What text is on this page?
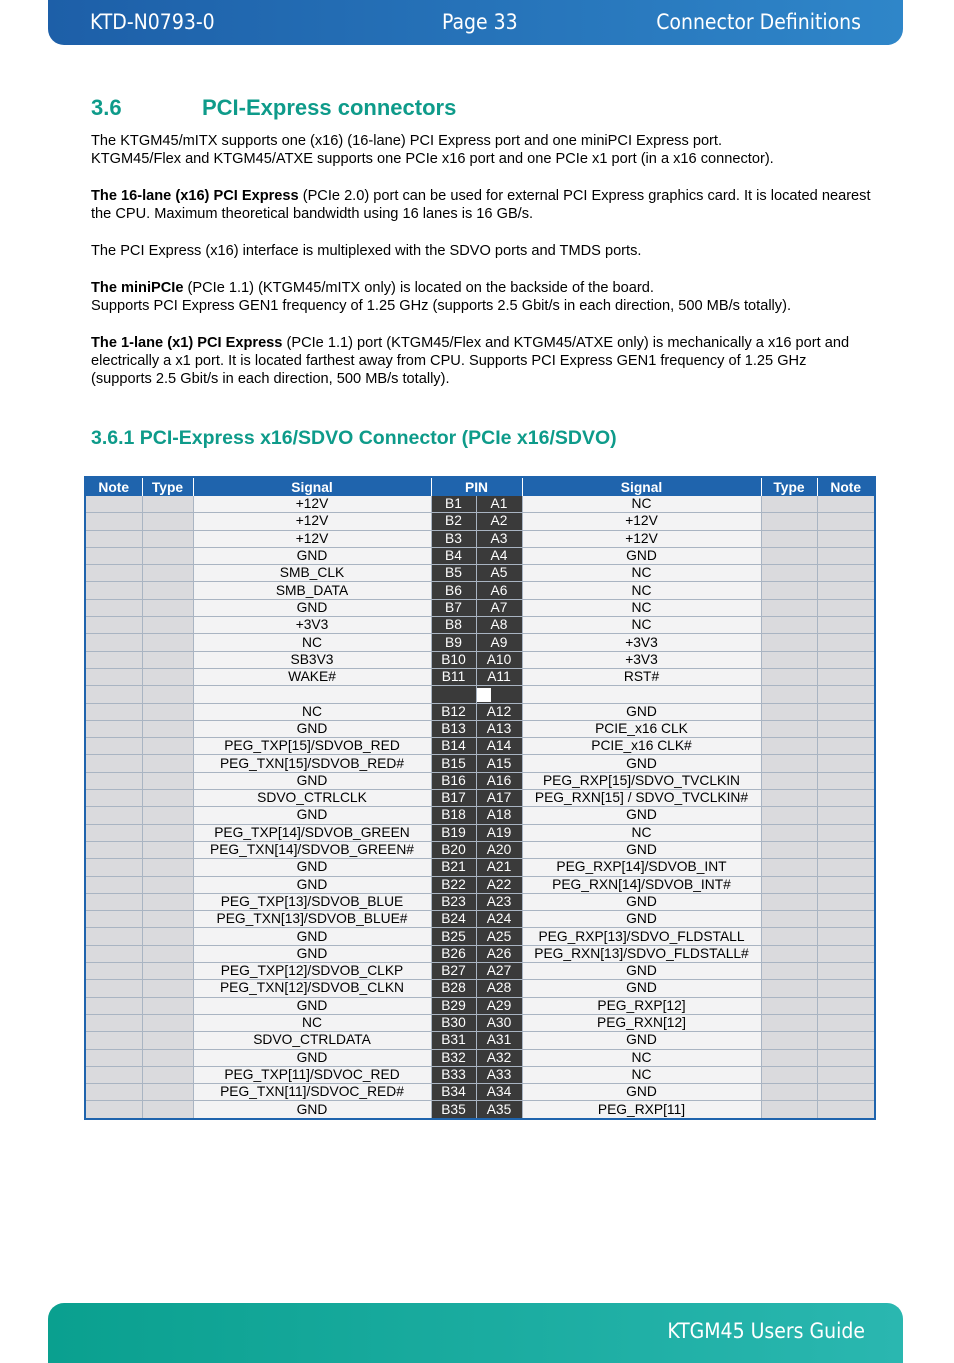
KTD-N0793-0	Page 33	Connector Definitions
3.6	PCI-Express connectors

The KTGM45/mITX supports one (x16) (16-lane) PCI Express port and one miniPCI Express port.
KTGM45/Flex and KTGM45/ATXE supports one PCIe x16 port and one PCIe x1 port (in a x16 connector).

The 16-lane (x16) PCI Express (PCIe 2.0) port can be used for external PCI Express graphics card. It is located nearest the CPU. Maximum theoretical bandwidth using 16 lanes is 16 GB/s.

The PCI Express (x16) interface is multiplexed with the SDVO ports and TMDS ports.

The miniPCIe (PCIe 1.1) (KTGM45/mITX only) is located on the backside of the board.
Supports PCI Express GEN1 frequency of 1.25 GHz (supports 2.5 Gbit/s in each direction, 500 MB/s totally).

The 1-lane (x1) PCI Express (PCIe 1.1) port (KTGM45/Flex and KTGM45/ATXE only) is mechanically a x16 port and electrically a x1 port. It is located farthest away from CPU. Supports PCI Express GEN1 frequency of 1.25 GHz (supports 2.5 Gbit/s in each direction, 500 MB/s totally).

3.6.1 PCI-Express x16/SDVO Connector (PCIe x16/SDVO)
Note	Type	Signal	PIN		Signal	Type	Note
		+12V	B1	A1	NC		
		+12V	B2	A2	+12V		
		+12V	B3	A3	+12V		
		GND	B4	A4	GND		
		SMB_CLK	B5	A5	NC		
		SMB_DATA	B6	A6	NC		
		GND	B7	A7	NC		
		+3V3	B8	A8	NC		
		NC	B9	A9	+3V3		
		SB3V3	B10	A10	+3V3		
		WAKE#	B11	A11	RST#		

		NC	B12	A12	GND		
		GND	B13	A13	PCIE_x16 CLK		
		PEG_TXP[15]/SDVOB_RED	B14	A14	PCIE_x16 CLK#		
		PEG_TXN[15]/SDVOB_RED#	B15	A15	GND		
		GND	B16	A16	PEG_RXP[15]/SDVO_TVCLKIN		
		SDVO_CTRLCLK	B17	A17	PEG_RXN[15] / SDVO_TVCLKIN#		
		GND	B18	A18	GND		
		PEG_TXP[14]/SDVOB_GREEN	B19	A19	NC		
		PEG_TXN[14]/SDVOB_GREEN#	B20	A20	GND		
		GND	B21	A21	PEG_RXP[14]/SDVOB_INT		
		GND	B22	A22	PEG_RXN[14]/SDVOB_INT#		
		PEG_TXP[13]/SDVOB_BLUE	B23	A23	GND		
		PEG_TXN[13]/SDVOB_BLUE#	B24	A24	GND		
		GND	B25	A25	PEG_RXP[13]/SDVO_FLDSTALL		
		GND	B26	A26	PEG_RXN[13]/SDVO_FLDSTALL#		
		PEG_TXP[12]/SDVOB_CLKP	B27	A27	GND		
		PEG_TXN[12]/SDVOB_CLKN	B28	A28	GND		
		GND	B29	A29	PEG_RXP[12]		
		NC	B30	A30	PEG_RXN[12]		
		SDVO_CTRLDATA	B31	A31	GND		
		GND	B32	A32	NC		
		PEG_TXP[11]/SDVOC_RED	B33	A33	NC		
		PEG_TXN[11]/SDVOC_RED#	B34	A34	GND		
		GND	B35	A35	PEG_RXP[11]		
KTGM45 Users Guide
